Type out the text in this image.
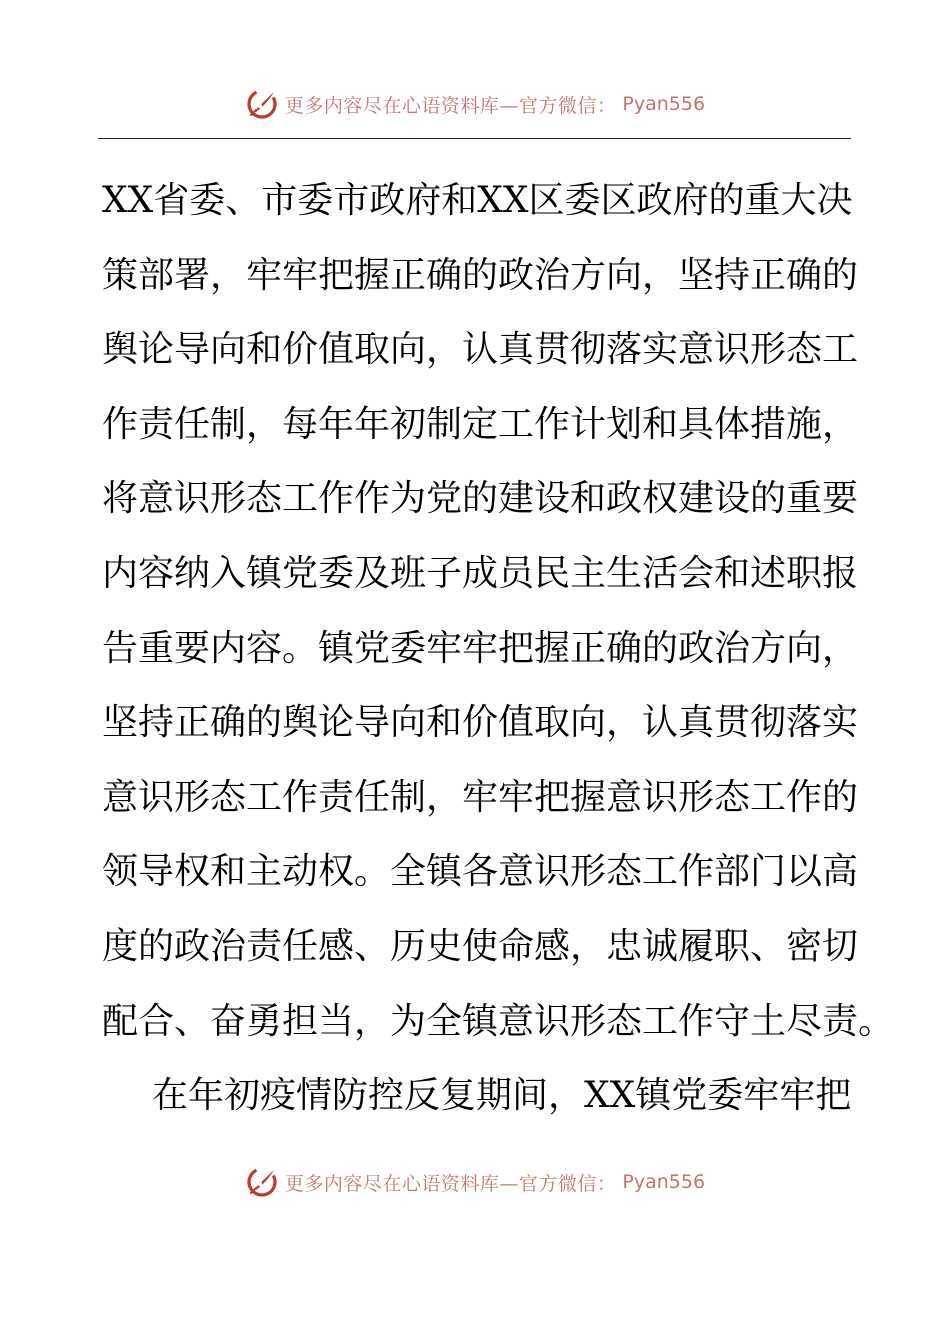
更多内容尽在心语资料库—官方微信： Pyan556
XX省委、市委市政府和XX区委区政府的重大决
策部署，牢牢把握正确的政治方向，坚持正确的
舆论导向和价值取向，认真贯彻落实意识形态工
作责任制，每年年初制定工作计划和具体措施，
将意识形态工作作为党的建设和政权建设的重要
内容纳入镇党委及班子成员民主生活会和述职报
告重要内容。镇党委牢牢把握正确的政治方向，
坚持正确的舆论导向和价值取向，认真贯彻落实
意识形态工作责任制，牢牢把握意识形态工作的
领导权和主动权。全镇各意识形态工作部门以高
度的政治责任感、历史使命感，忠诚履职、密切
配合、奋勇担当，为全镇意识形态工作守土尽责。
在年初疫情防控反复期间，XX镇党委牢牢把
更多内容尽在心语资料库—官方微信： Pyan556
